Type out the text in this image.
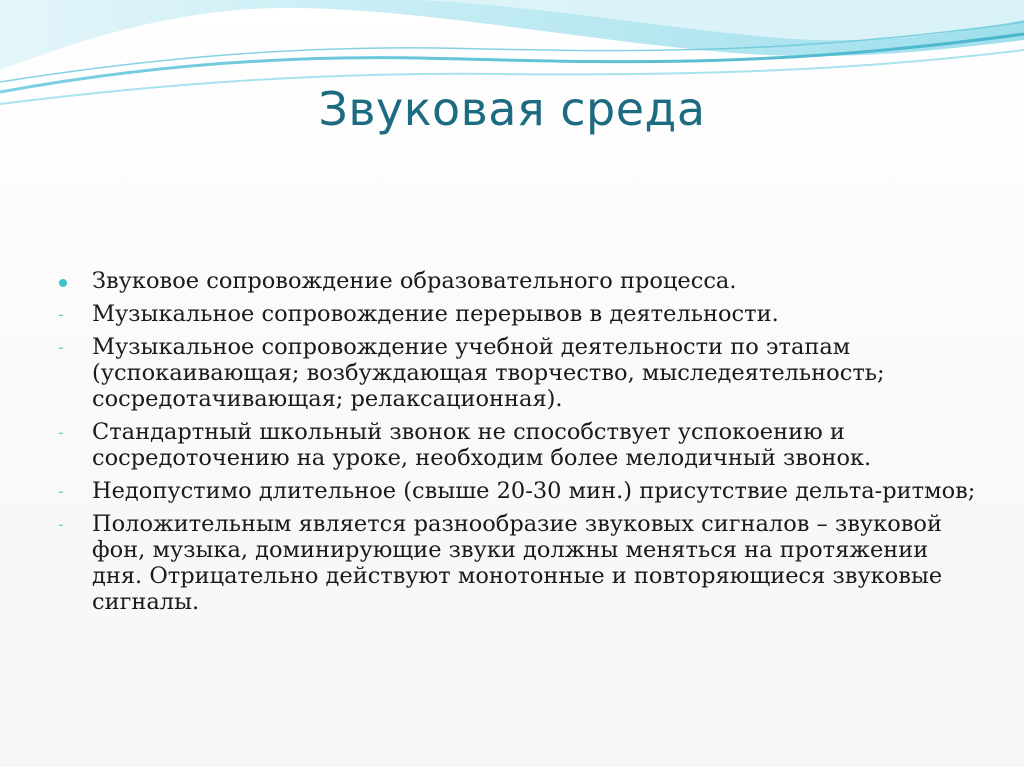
Звуковая среда
Звуковое сопровождение образовательного процесса.
-	Музыкальное сопровождение перерывов в деятельности.
-	Музыкальное сопровождение учебной деятельности по этапам (успокаивающая; возбуждающая творчество, мыследеятельность; сосредотачивающая; релаксационная).
-	Стандартный школьный звонок не способствует успокоению и сосредоточению на уроке, необходим более мелодичный звонок.
-	Недопустимо длительное (свыше 20-30 мин.) присутствие дельта-ритмов;
-	Положительным является разнообразие звуковых сигналов – звуковой фон, музыка, доминирующие звуки должны меняться на протяжении дня. Отрицательно действуют монотонные и повторяющиеся звуковые сигналы.
